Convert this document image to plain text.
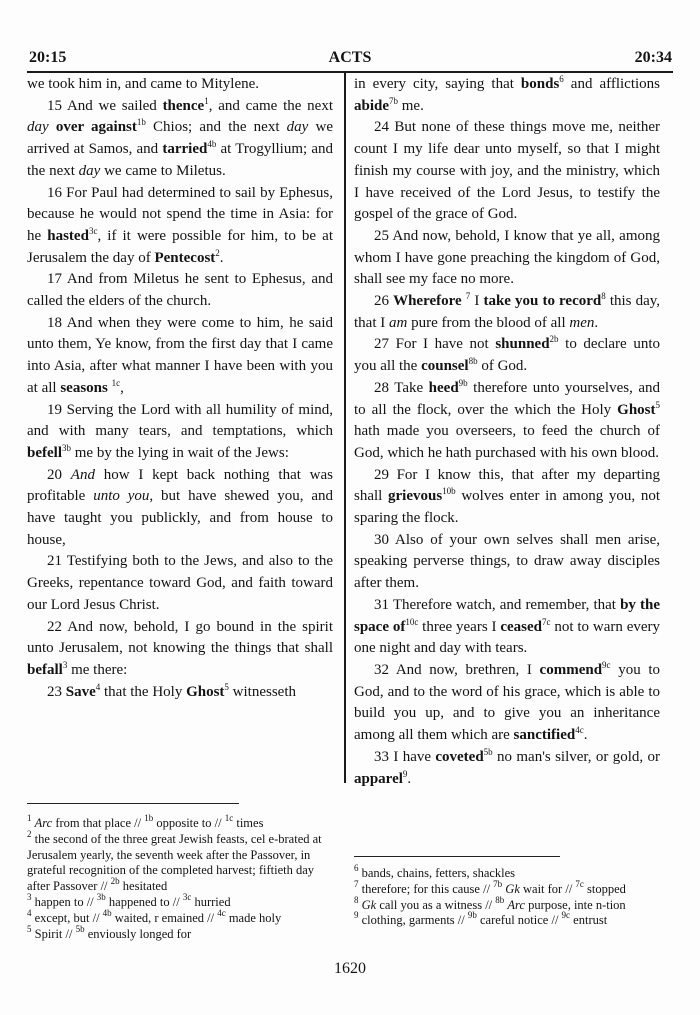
20:15	ACTS	20:34

we took him in, and came to Mitylene.

15 And we sailed thence$^1$, and came the next day over against$^{1b}$ Chios; and the next day we arrived at Samos, and tarried$^{4b}$ at Trogyllium; and the next day we came to Miletus.

16 For Paul had determined to sail by Ephesus, because he would not spend the time in Asia: for he hasted$^{3c}$, if it were possible for him, to be at Jerusalem the day of Pentecost$^2$.

17 And from Miletus he sent to Ephesus, and called the elders of the church.

18 And when they were come to him, he said unto them, Ye know, from the first day that I came into Asia, after what manner I have been with you at all seasons $^{1c}$,

19 Serving the Lord with all humility of mind, and with many tears, and temptations, which befell$^{3b}$ me by the lying in wait of the Jews:

20 And how I kept back nothing that was profitable unto you, but have shewed you, and have taught you publickly, and from house to house,

21 Testifying both to the Jews, and also to the Greeks, repentance toward God, and faith toward our Lord Jesus Christ.

22 And now, behold, I go bound in the spirit unto Jerusalem, not knowing the things that shall befall$^3$ me there:

23 Save$^4$ that the Holy Ghost$^5$ witnesseth

in every city, saying that bonds$^6$ and afflictions abide$^{7b}$ me.

24 But none of these things move me, neither count I my life dear unto myself, so that I might finish my course with joy, and the ministry, which I have received of the Lord Jesus, to testify the gospel of the grace of God.

25 And now, behold, I know that ye all, among whom I have gone preaching the kingdom of God, shall see my face no more.

26 Wherefore $^7$ I take you to record$^8$ this day, that I am pure from the blood of all men.

27 For I have not shunned$^{2b}$ to declare unto you all the counsel$^{8b}$ of God.

28 Take heed$^{9b}$ therefore unto yourselves, and to all the flock, over the which the Holy Ghost$^5$ hath made you overseers, to feed the church of God, which he hath purchased with his own blood.

29 For I know this, that after my departing shall grievous$^{10b}$ wolves enter in among you, not sparing the flock.

30 Also of your own selves shall men arise, speaking perverse things, to draw away disciples after them.

31 Therefore watch, and remember, that by the space $of^{10c}$ three years I ceased$^{7c}$ not to warn every one night and day with tears.

32 And now, brethren, I commend$^{9c}$ you to God, and to the word of his grace, which is able to build you up, and to give you an inheritance among all them which are sanctified$^{4c}$.

33 I have coveted$^{5b}$ no man's silver, or gold, or apparel$^9$.

$^1$ Arc from that place // $^{1b}$ opposite to // $^{1c}$ times

$^2$ the second of the three great Jewish feasts, cel e-brated at Jerusalem yearly, the seventh week after the Passover, in grateful recognition of the completed harvest; fiftieth day after Passover // $^{2b}$ hesitated

$^3$ happen to // $^{3b}$ happened to // $^{3c}$ hurried

$^4$ except, but // $^{4b}$ waited, r emained // $^{4c}$ made holy

$^5$ Spirit // $^{5b}$ enviously longed for

$^6$ bands, chains, fetters, shackles

$^7$ therefore; for this cause // $^{7b}$ Gk wait for // $^{7c}$ stopped

$^8$ Gk call you as a witness // $^{8b}$ Arc purpose, inte n-tion

$^9$ clothing, garments // $^{9b}$ careful notice // $^{9c}$ entrust

1620
